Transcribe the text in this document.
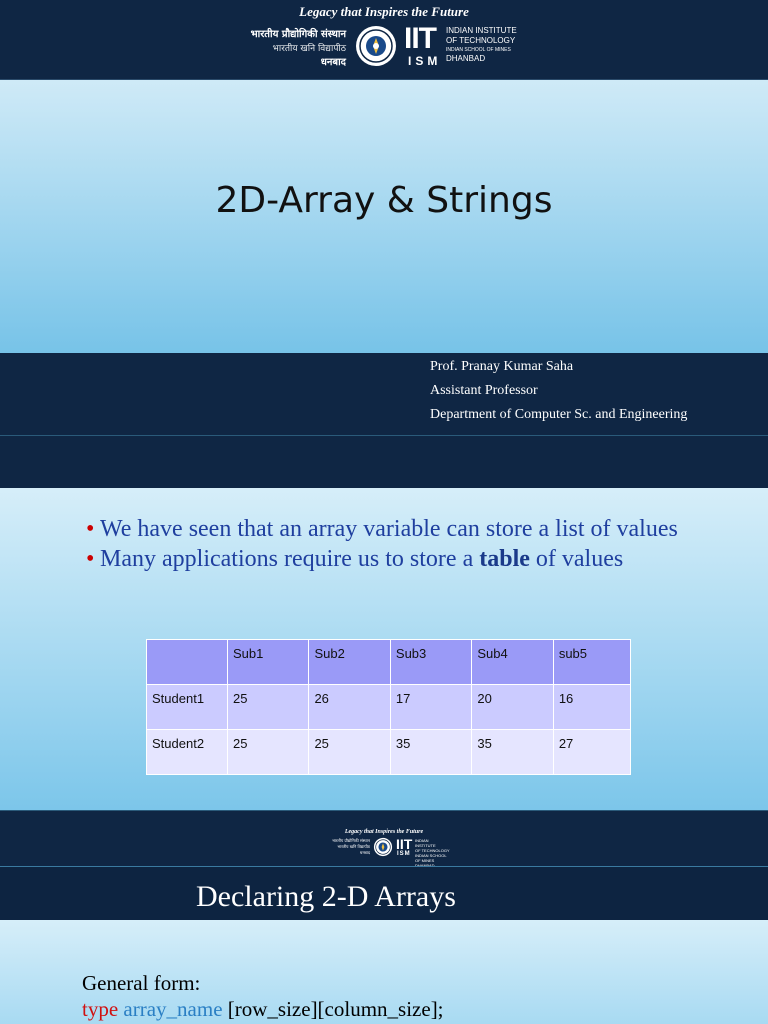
Legacy that Inspires the Future
भारतीय प्रौद्योगिकी संस्थान
भारतीय खनि विद्यापीठ
धनबाद
IIT
ISM
INDIAN INSTITUTE
OF TECHNOLOGY
INDIAN SCHOOL OF MINES
DHANBAD
2D-Array & Strings
Prof. Pranay Kumar Saha
Assistant Professor
Department of Computer Sc. and Engineering
• We have seen that an array variable can store a list of values
• Many applications require us to store a table of values
	Sub1	Sub2	Sub3	Sub4	sub5
Student1	25	26	17	20	16
Student2	25	25	35	35	27
Legacy that Inspires the Future
भारतीय प्रौद्योगिकी संस्थान
भारतीय खनि विद्यापीठ
धनबाद
IIT
ISM
INDIAN INSTITUTE
OF TECHNOLOGY
INDIAN SCHOOL OF MINES
Declaring 2-D Arrays
General form:
type array_name [row_size][column_size];
